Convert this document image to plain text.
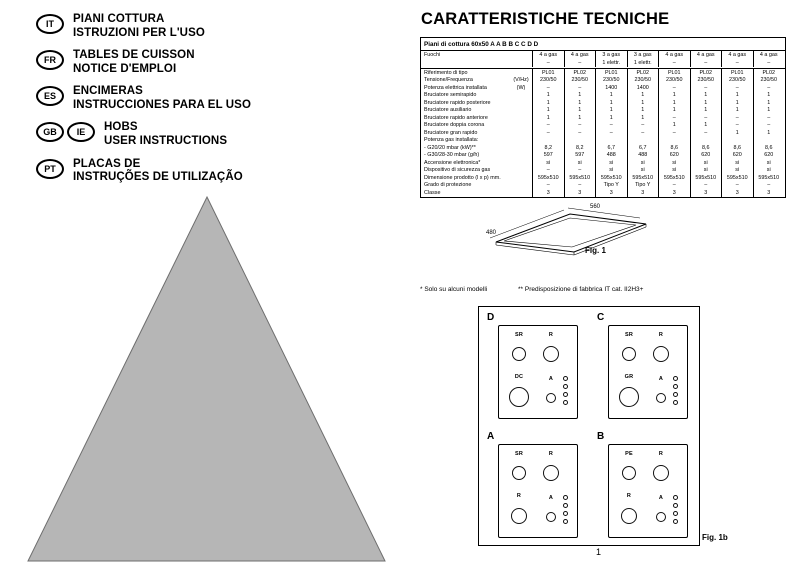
IT	PIANI COTTURA
ISTRUZIONI PER L'USO
FR	TABLES DE CUISSON
NOTICE D'EMPLOI
ES	ENCIMERAS
INSTRUCCIONES PARA EL USO
GB	IE	HOBS
USER INSTRUCTIONS
PT	PLACAS DE
INSTRUÇÕES DE UTILIZAÇÃO
CARATTERISTICHE TECNICHE
Piani di cottura 60x50 A A B B C C D D
Fuochi	4 a gas	4 a gas	3 a gas	3 a gas	4 a gas	4 a gas	4 a gas	4 a gas
–	–	1 elettr.	1 elettr.	–	–	–	–
Riferimento di tipo	PL01	PL02	PL01	PL02	PL01	PL02	PL01	PL02
Tensione/Frequenza	(V/Hz)	230/50	230/50	230/50	230/50	230/50	230/50	230/50	230/50
Potenza elettrica installata	(W)	–	–	1400	1400	–	–	–	–
Bruciatore semirapido	1	1	1	1	1	1	1	1
Bruciatore rapido posteriore	1	1	1	1	1	1	1	1
Bruciatore ausiliario	1	1	1	1	1	1	1	1
Bruciatore rapido anteriore	1	1	1	1	–	–	–	–
Bruciatore doppia corona	–	–	–	–	1	1	–	–
Bruciatore gran rapido	–	–	–	–	–	–	1	1
Potenza gas installata:
- G20/20 mbar (kW)**	8,2	8,2	6,7	6,7	8,6	8,6	8,6	8,6
- G30/28-30 mbar (g/h)	597	597	488	488	620	620	620	620
Accensione elettronica*	si	si	si	si	si	si	si	si
Dispositivo di sicurezza gas	–	–	si	si	si	si	si	si
Dimensione prodotto (l x p) mm.	595x510	595x510	595x510	595x510	595x510	595x510	595x510	595x510
Grado di protezione	–	–	Tipo Y	Tipo Y	–	–	–	–
Classe	3	3	3	3	3	3	3	3
560
480
Fig. 1
* Solo su alcuni modelli	** Predisposizione di fabbrica IT cat. II2H3+
D
SR	R
DC	A
C
SR	R
GR	A
A
SR	R
R	A
B
PE	R
R	A
Fig. 1b
1
